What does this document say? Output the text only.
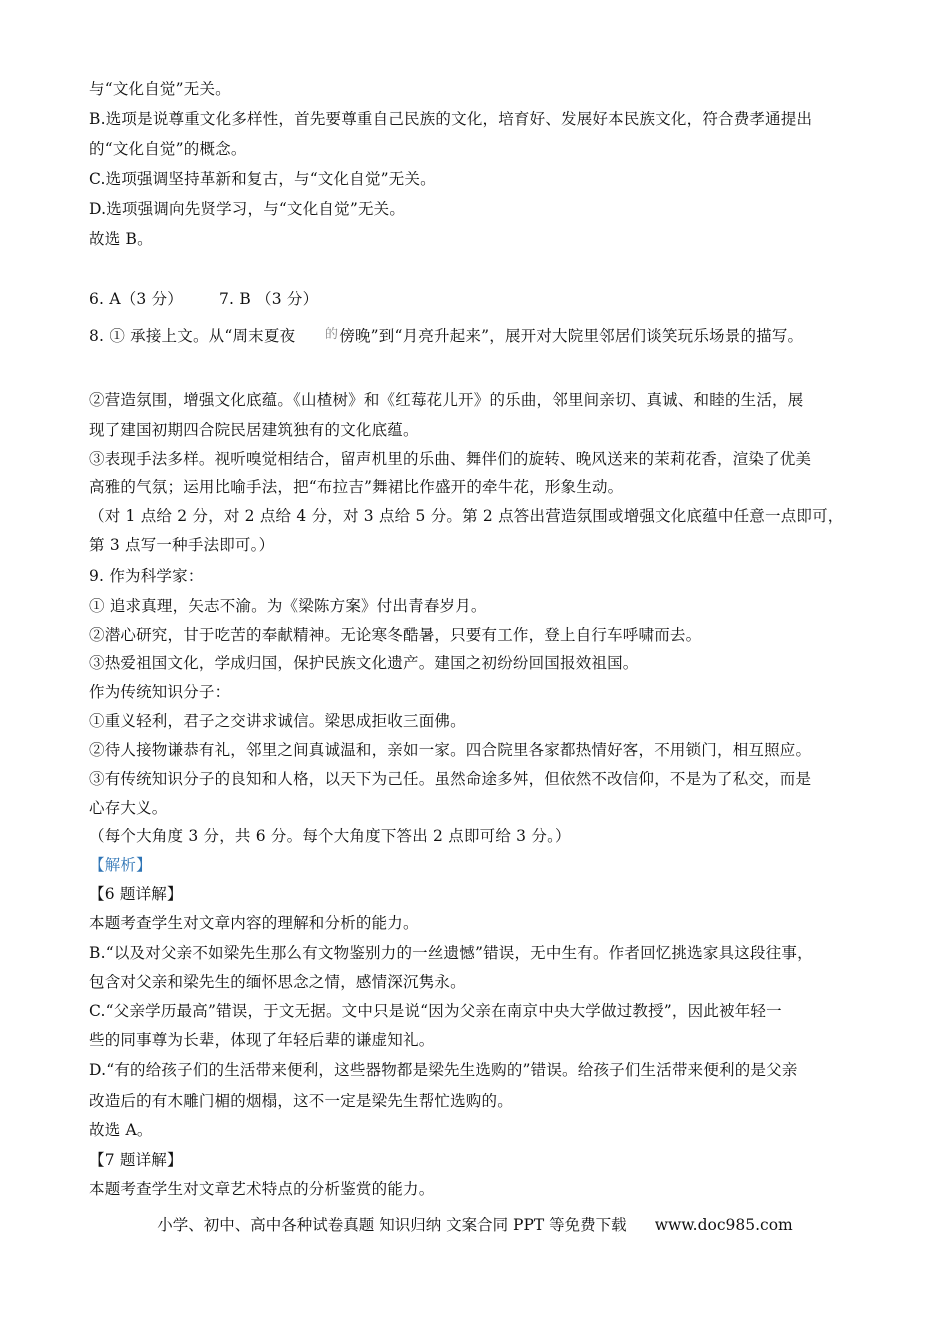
与“文化自觉”无关。
B.选项是说尊重文化多样性，首先要尊重自己民族的文化，培育好、发展好本民族文化，符合费孝通提出
的“文化自觉”的概念。
C.选项强调坚持革新和复古，与“文化自觉”无关。
D.选项强调向先贤学习，与“文化自觉”无关。
故选 B。
6. A（3 分） 7. B （3 分）
8. ① 承接上文。从“周末夏夜	傍晚”到“月亮升起来”，展开对大院里邻居们谈笑玩乐场景的描写。
的
②营造氛围，增强文化底蕴。《山楂树》和《红莓花儿开》的乐曲，邻里间亲切、真诚、和睦的生活，展
现了建国初期四合院民居建筑独有的文化底蕴。
③表现手法多样。视听嗅觉相结合，留声机里的乐曲、舞伴们的旋转、晚风送来的茉莉花香，渲染了优美
高雅的气氛；运用比喻手法，把“布拉吉”舞裙比作盛开的牵牛花，形象生动。
（对 1 点给 2 分，对 2 点给 4 分，对 3 点给 5 分。第 2 点答出营造氛围或增强文化底蕴中任意一点即可，
第 3 点写一种手法即可。）
9. 作为科学家：
① 追求真理，矢志不渝。为《梁陈方案》付出青春岁月。
②潜心研究，甘于吃苦的奉献精神。无论寒冬酷暑，只要有工作，登上自行车呼啸而去。
③热爱祖国文化，学成归国，保护民族文化遗产。建国之初纷纷回国报效祖国。
作为传统知识分子：
①重义轻利，君子之交讲求诚信。梁思成拒收三面佛。
②待人接物谦恭有礼，邻里之间真诚温和，亲如一家。四合院里各家都热情好客，不用锁门，相互照应。
③有传统知识分子的良知和人格，以天下为己任。虽然命途多舛，但依然不改信仰，不是为了私交，而是
心存大义。
（每个大角度 3 分，共 6 分。每个大角度下答出 2 点即可给 3 分。）
【解析】
【6 题详解】
本题考查学生对文章内容的理解和分析的能力。
B.“以及对父亲不如梁先生那么有文物鉴别力的一丝遗憾”错误，无中生有。作者回忆挑选家具这段往事，
包含对父亲和梁先生的缅怀思念之情，感情深沉隽永。
C.“父亲学历最高”错误，于文无据。文中只是说“因为父亲在南京中央大学做过教授”，因此被年轻一
些的同事尊为长辈，体现了年轻后辈的谦虚知礼。
D.“有的给孩子们的生活带来便利，这些器物都是梁先生选购的”错误。给孩子们生活带来便利的是父亲
改造后的有木雕门楣的烟榻，这不一定是梁先生帮忙选购的。
故选 A。
【7 题详解】
本题考查学生对文章艺术特点的分析鉴赏的能力。
小学、初中、高中各种试卷真题 知识归纳 文案合同 PPT 等免费下载 www.doc985.com
